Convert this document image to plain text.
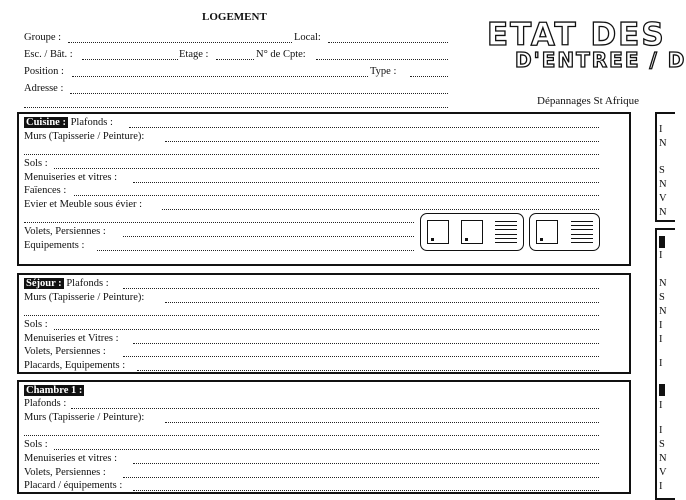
LOGEMENT
Groupe :	Local:
Esc. / Bât. :	Etage :	N° de Cpte:
Position :	Type :
Adresse :
ETAT DES
D'ENTREE / D
Dépannages St Afrique
Cuisine : Plafonds :
Murs (Tapisserie / Peinture):
Sols :
Menuiseries et vitres :
Faïences :
Evier et Meuble sous évier :
Volets, Persiennes :
Equipements :
Séjour : Plafonds :
Murs (Tapisserie / Peinture):
Sols :
Menuiseries et Vitres :
Volets, Persiennes :
Placards, Equipements :
Chambre 1 :
Plafonds :
Murs (Tapisserie / Peinture):
Sols :
Menuiseries et vitres :
Volets, Persiennes :
Placard / équipements :
I
N
S
N
V
N
I
N
S
N
I
I
I
I
I
S
N
V
I
